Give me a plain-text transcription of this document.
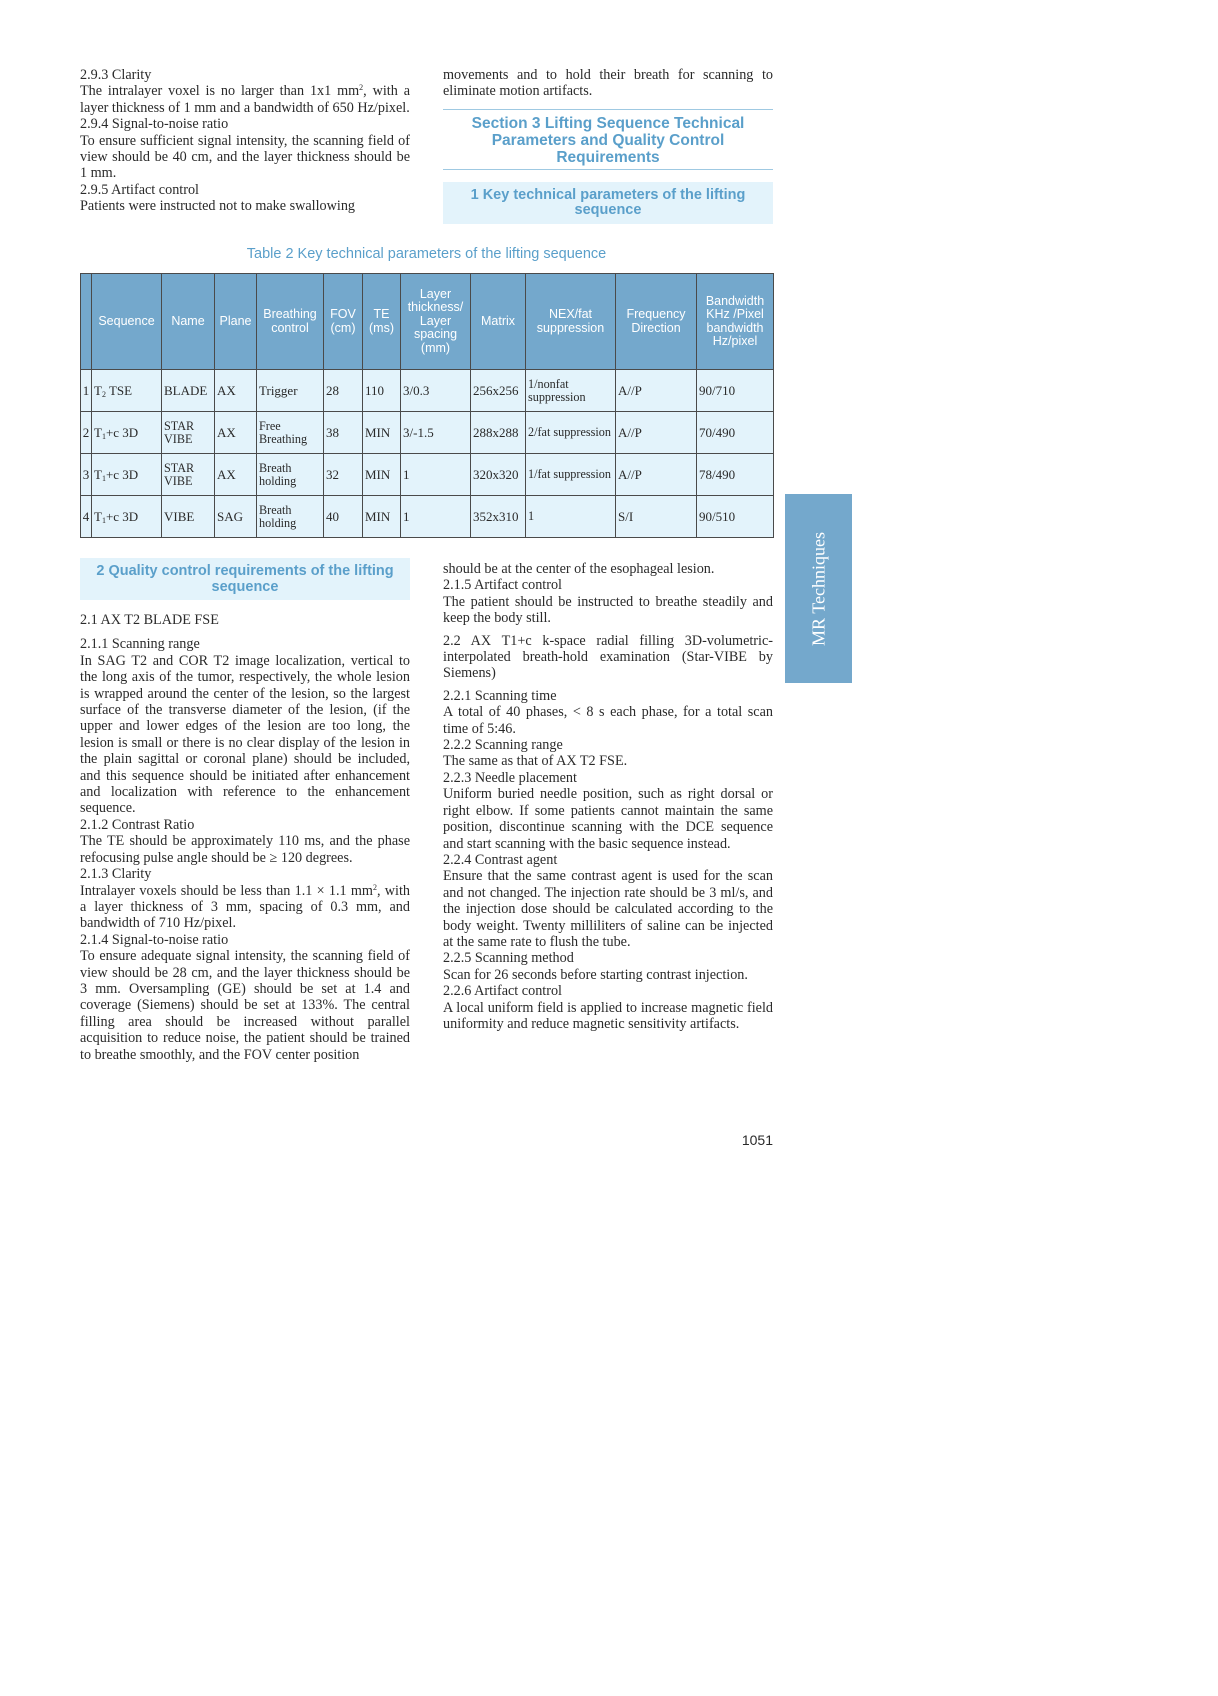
2.9.3 Clarity

The intralayer voxel is no larger than 1x1 $mm^2$, with a layer thickness of 1 mm and a bandwidth of 650 Hz/pixel.

2.9.4 Signal-to-noise ratio

To ensure sufficient signal intensity, the scanning field of view should be 40 cm, and the layer thickness should be 1 mm.

2.9.5 Artifact control

Patients were instructed not to make swallowing

movements and to hold their breath for scanning to eliminate motion artifacts.

Section 3 Lifting Sequence Technical Parameters and Quality Control Requirements
1 Key technical parameters of the lifting sequence
Table 2 Key technical parameters of the lifting sequence
	Sequence	Name	Plane	Breathing control	FOV (cm)	TE (ms)	Layer thickness/ Layer spacing (mm)	Matrix	NEX/fat suppression	Frequency Direction	Bandwidth KHz /Pixel bandwidth Hz/pixel
1	$T_2$ TSE	BLADE	AX	Trigger	28	110	3/0.3	256x256	1/nonfat suppression	A//P	90/710
2	$T_1+c$ 3D	STAR VIBE	AX	Free Breathing	38	MIN	3/-1.5	288x288	2/fat suppression	A//P	70/490
3	$T_1+c$ 3D	STAR VIBE	AX	Breath holding	32	MIN	1	320x320	1/fat suppression	A//P	78/490
4	$T_1+c$ 3D	VIBE	SAG	Breath holding	40	MIN	1	352x310	1	S/I	90/510
MR Techniques
2 Quality control requirements of the lifting sequence

2.1 AX T2 BLADE FSE

2.1.1 Scanning range

In SAG T2 and COR T2 image localization, vertical to the long axis of the tumor, respectively, the whole lesion is wrapped around the center of the lesion, so the largest surface of the transverse diameter of the lesion, (if the upper and lower edges of the lesion are too long, the lesion is small or there is no clear display of the lesion in the plain sagittal or coronal plane) should be included, and this sequence should be initiated after enhancement and localization with reference to the enhancement sequence.

2.1.2 Contrast Ratio

The TE should be approximately 110 ms, and the phase refocusing pulse angle should be ≥ 120 degrees.

2.1.3 Clarity

Intralayer voxels should be less than 1.1 × 1.1 $mm^2$, with a layer thickness of 3 mm, spacing of 0.3 mm, and bandwidth of 710 Hz/pixel.

2.1.4 Signal-to-noise ratio

To ensure adequate signal intensity, the scanning field of view should be 28 cm, and the layer thickness should be 3 mm. Oversampling (GE) should be set at 1.4 and coverage (Siemens) should be set at 133%. The central filling area should be increased without parallel acquisition to reduce noise, the patient should be trained to breathe smoothly, and the FOV center position

should be at the center of the esophageal lesion.

2.1.5 Artifact control

The patient should be instructed to breathe steadily and keep the body still.

2.2 AX T1+c k-space radial filling 3D-volumetric-interpolated breath-hold examination (Star-VIBE by Siemens)

2.2.1 Scanning time

A total of 40 phases, < 8 s each phase, for a total scan time of 5:46.

2.2.2 Scanning range

The same as that of AX T2 FSE.

2.2.3 Needle placement

Uniform buried needle position, such as right dorsal or right elbow. If some patients cannot maintain the same position, discontinue scanning with the DCE sequence and start scanning with the basic sequence instead.

2.2.4 Contrast agent

Ensure that the same contrast agent is used for the scan and not changed. The injection rate should be 3 ml/s, and the injection dose should be calculated according to the body weight. Twenty milliliters of saline can be injected at the same rate to flush the tube.

2.2.5 Scanning method

Scan for 26 seconds before starting contrast injection.

2.2.6 Artifact control

A local uniform field is applied to increase magnetic field uniformity and reduce magnetic sensitivity artifacts.

1051
